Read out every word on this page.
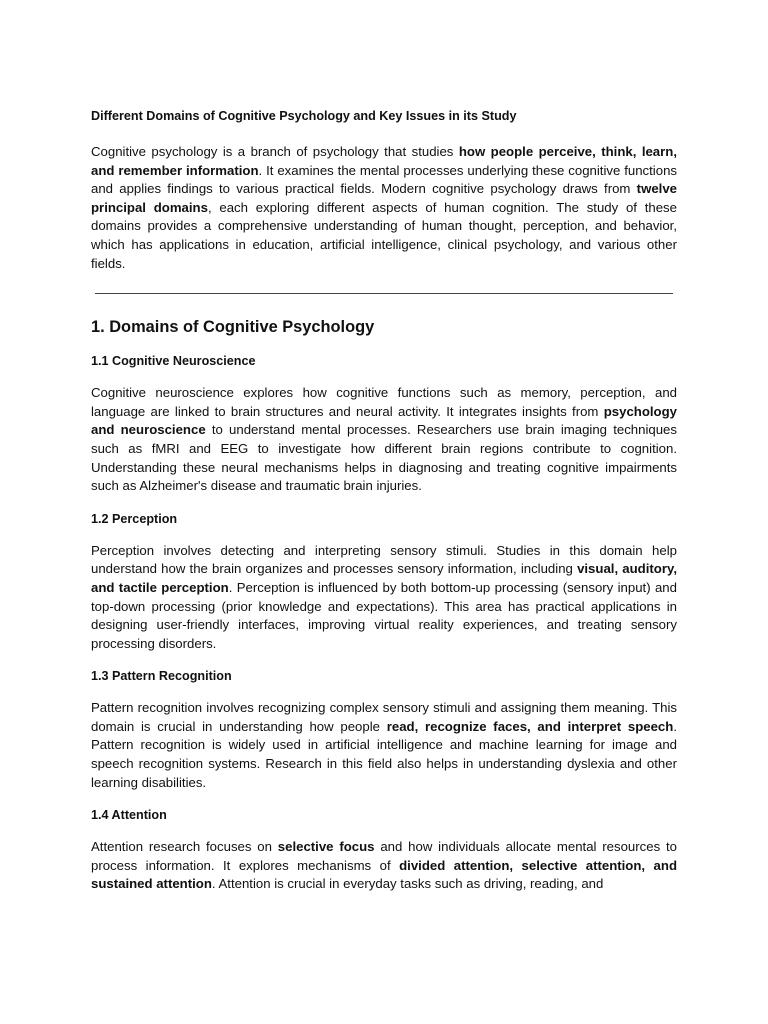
Different Domains of Cognitive Psychology and Key Issues in its Study

Cognitive psychology is a branch of psychology that studies how people perceive, think, learn, and remember information. It examines the mental processes underlying these cognitive functions and applies findings to various practical fields. Modern cognitive psychology draws from twelve principal domains, each exploring different aspects of human cognition. The study of these domains provides a comprehensive understanding of human thought, perception, and behavior, which has applications in education, artificial intelligence, clinical psychology, and various other fields.

1. Domains of Cognitive Psychology
1.1 Cognitive Neuroscience

Cognitive neuroscience explores how cognitive functions such as memory, perception, and language are linked to brain structures and neural activity. It integrates insights from psychology and neuroscience to understand mental processes. Researchers use brain imaging techniques such as fMRI and EEG to investigate how different brain regions contribute to cognition. Understanding these neural mechanisms helps in diagnosing and treating cognitive impairments such as Alzheimer's disease and traumatic brain injuries.

1.2 Perception

Perception involves detecting and interpreting sensory stimuli. Studies in this domain help understand how the brain organizes and processes sensory information, including visual, auditory, and tactile perception. Perception is influenced by both bottom-up processing (sensory input) and top-down processing (prior knowledge and expectations). This area has practical applications in designing user-friendly interfaces, improving virtual reality experiences, and treating sensory processing disorders.

1.3 Pattern Recognition

Pattern recognition involves recognizing complex sensory stimuli and assigning them meaning. This domain is crucial in understanding how people read, recognize faces, and interpret speech. Pattern recognition is widely used in artificial intelligence and machine learning for image and speech recognition systems. Research in this field also helps in understanding dyslexia and other learning disabilities.

1.4 Attention

Attention research focuses on selective focus and how individuals allocate mental resources to process information. It explores mechanisms of divided attention, selective attention, and sustained attention. Attention is crucial in everyday tasks such as driving, reading, and
